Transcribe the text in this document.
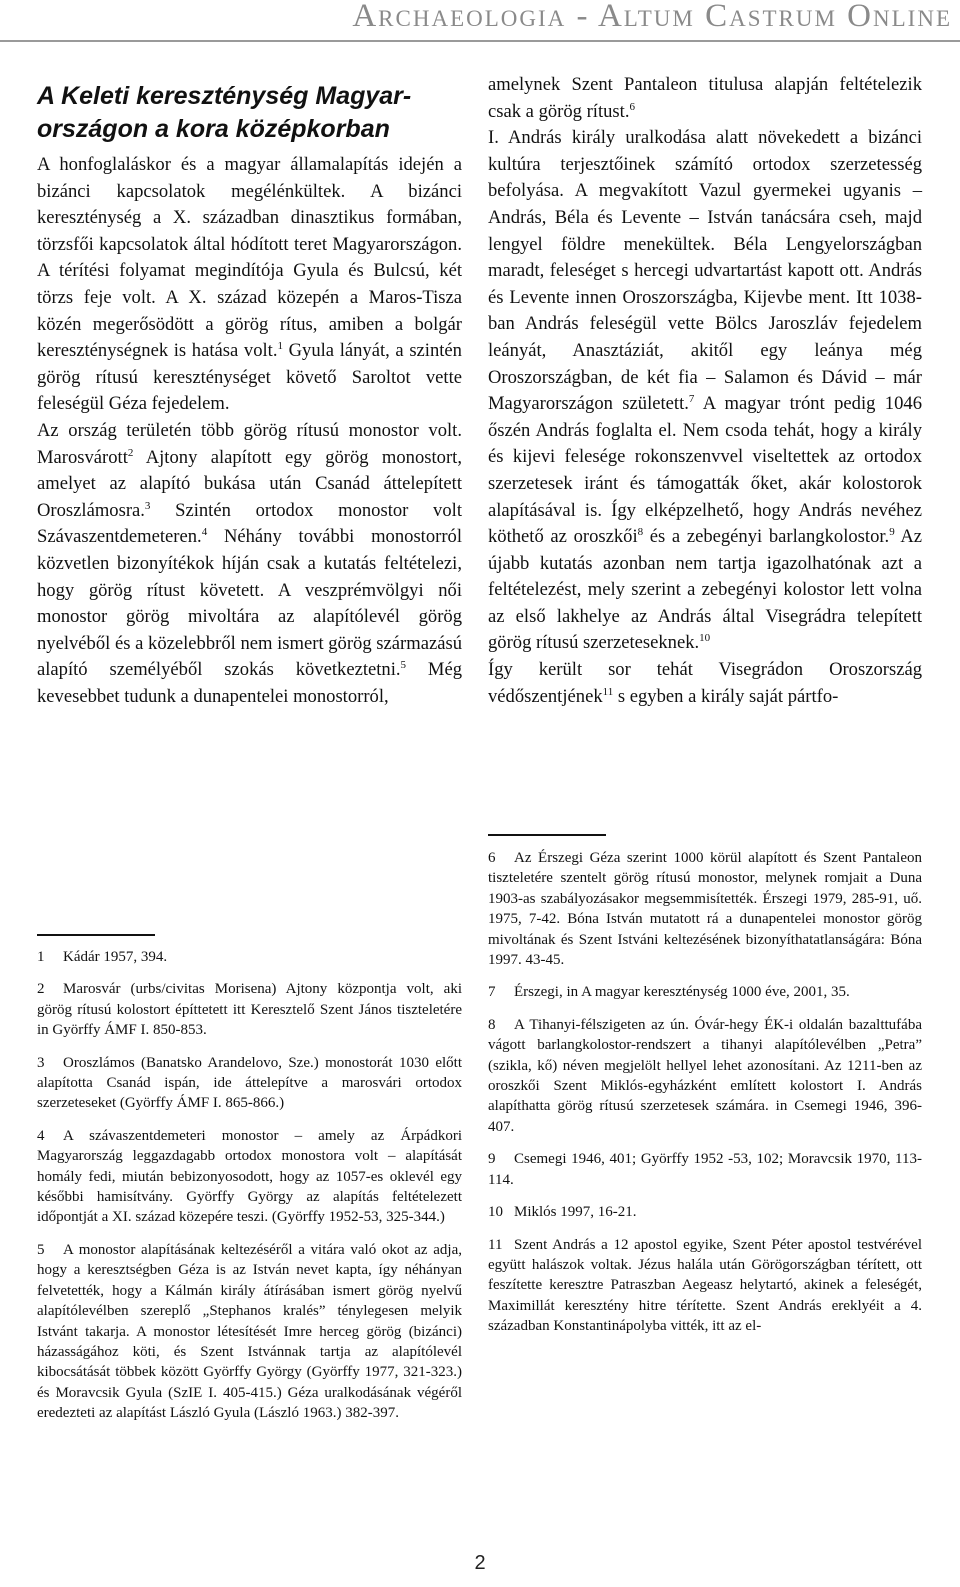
Archaeologia - Altum Castrum Online
A Keleti kereszténység Magyar-országon a kora középkorban

A honfoglaláskor és a magyar államalapítás idején a bizánci kapcsolatok megélénkültek. A bizánci kereszténység a X. században dinasztikus formában, törzsfői kapcsolatok által hódított teret Magyarországon. A térítési folyamat megindítója Gyula és Bulcsú, két törzs feje volt. A X. század közepén a Maros-Tisza közén megerősödött a görög rítus, amiben a bolgár kereszténységnek is hatása volt.$^1$ Gyula lányát, a szintén görög rítusú kereszténységet követő Saroltot vette feleségül Géza fejedelem.

Az ország területén több görög rítusú monostor volt. Marosvárott$^2$ Ajtony alapított egy görög monostort, amelyet az alapító bukása után Csanád áttelepített Oroszlámosra.$^3$ Szintén ortodox monostor volt Szávaszentdemeteren.$^4$ Néhány további monostorról közvetlen bizonyítékok híján csak a kutatás feltételezi, hogy görög rítust követett. A veszprémvölgyi női monostor görög mivoltára az alapítólevél görög nyelvéből és a közelebbről nem ismert görög származású alapító személyéből szokás következtetni.$^5$ Még kevesebbet tudunk a dunapentelei monostorról,

amelynek Szent Pantaleon titulusa alapján feltételezik csak a görög rítust.$^6$

I. András király uralkodása alatt növekedett a bizánci kultúra terjesztőinek számító ortodox szerzetesség befolyása. A megvakított Vazul gyermekei ugyanis – András, Béla és Levente – István tanácsára cseh, majd lengyel földre menekültek. Béla Lengyelországban maradt, feleséget s hercegi udvartartást kapott ott. András és Levente innen Oroszországba, Kijevbe ment. Itt 1038-ban András feleségül vette Bölcs Jaroszláv fejedelem leányát, Anasztáziát, akitől egy leánya még Oroszországban, de két fia – Salamon és Dávid – már Magyarországon született.$^7$ A magyar trónt pedig 1046 őszén András foglalta el. Nem csoda tehát, hogy a király és kijevi felesége rokonszenvvel viseltettek az ortodox szerzetesek iránt és támogatták őket, akár kolostorok alapításával is. Így elképzelhető, hogy András nevéhez köthető az oroszkői$^8$ és a zebegényi barlangkolostor.$^9$ Az újabb kutatás azonban nem tartja igazolhatónak azt a feltételezést, mely szerint a zebegényi kolostor lett volna az első lakhelye az András által Visegrádra telepített görög rítusú szerzeteseknek.$^{10}$

Így került sor tehát Visegrádon Oroszország védőszentjének$^{11}$ s egyben a király saját pártfo-

1 Kádár 1957, 394.
2 Marosvár (urbs/civitas Morisena) Ajtony központja volt, aki görög rítusú kolostort építtetett itt Keresztelő Szent János tiszteletére in Györffy ÁMF I. 850-853.
3 Oroszlámos (Banatsko Arandelovo, Sze.) monostorát 1030 előtt alapította Csanád ispán, ide áttelepítve a marosvári ortodox szerzeteseket (Györffy ÁMF I. 865-866.)
4 A szávaszentdemeteri monostor – amely az Árpádkori Magyarország leggazdagabb ortodox monostora volt – alapítását homály fedi, miután bebizonyosodott, hogy az 1057-es oklevél egy későbbi hamisítvány. Györffy György az alapítás feltételezett időpontját a XI. század közepére teszi. (Györffy 1952-53, 325-344.)
5 A monostor alapításának keltezéséről a vitára való okot az adja, hogy a keresztségben Géza is az István nevet kapta, így néhányan felvetették, hogy a Kálmán király átírásában ismert görög nyelvű alapítólevélben szereplő „Stephanos kralés” ténylegesen melyik Istvánt takarja. A monostor létesítését Imre herceg görög (bizánci) házasságához köti, és Szent Istvánnak tartja az alapítólevél kibocsátását többek között Györffy György (Györffy 1977, 321-323.) és Moravcsik Gyula (SzIE I. 405-415.) Géza uralkodásának végéről eredezteti az alapítást László Gyula (László 1963.) 382-397.
6 Az Érszegi Géza szerint 1000 körül alapított és Szent Pantaleon tiszteletére szentelt görög rítusú monostor, melynek romjait a Duna 1903-as szabályozásakor megsemmisítették. Érszegi 1979, 285-91, uő. 1975, 7-42. Bóna István mutatott rá a dunapentelei monostor görög mivoltának és Szent Istváni keltezésének bizonyíthatatlanságára: Bóna 1997. 43-45.
7 Érszegi, in A magyar kereszténység 1000 éve, 2001, 35.
8 A Tihanyi-félszigeten az ún. Óvár-hegy ÉK-i oldalán bazalttufába vágott barlangkolostor-rendszert a tihanyi alapítólevélben „Petra” (szikla, kő) néven megjelölt hellyel lehet azonosítani. Az 1211-ben az oroszkői Szent Miklós-egyházként említett kolostort I. András alapíthatta görög rítusú szerzetesek számára. in Csemegi 1946, 396-407.
9 Csemegi 1946, 401; Györffy 1952 -53, 102; Moravcsik 1970, 113-114.
10 Miklós 1997, 16-21.
11 Szent András a 12 apostol egyike, Szent Péter apostol testvérével együtt halászok voltak. Jézus halála után Görögországban térített, ott feszítette keresztre Patraszban Aegeasz helytartó, akinek a feleségét, Maximillát keresztény hitre térítette. Szent András ereklyéit a 4. században Konstantinápolyba vitték, itt az el-
2
